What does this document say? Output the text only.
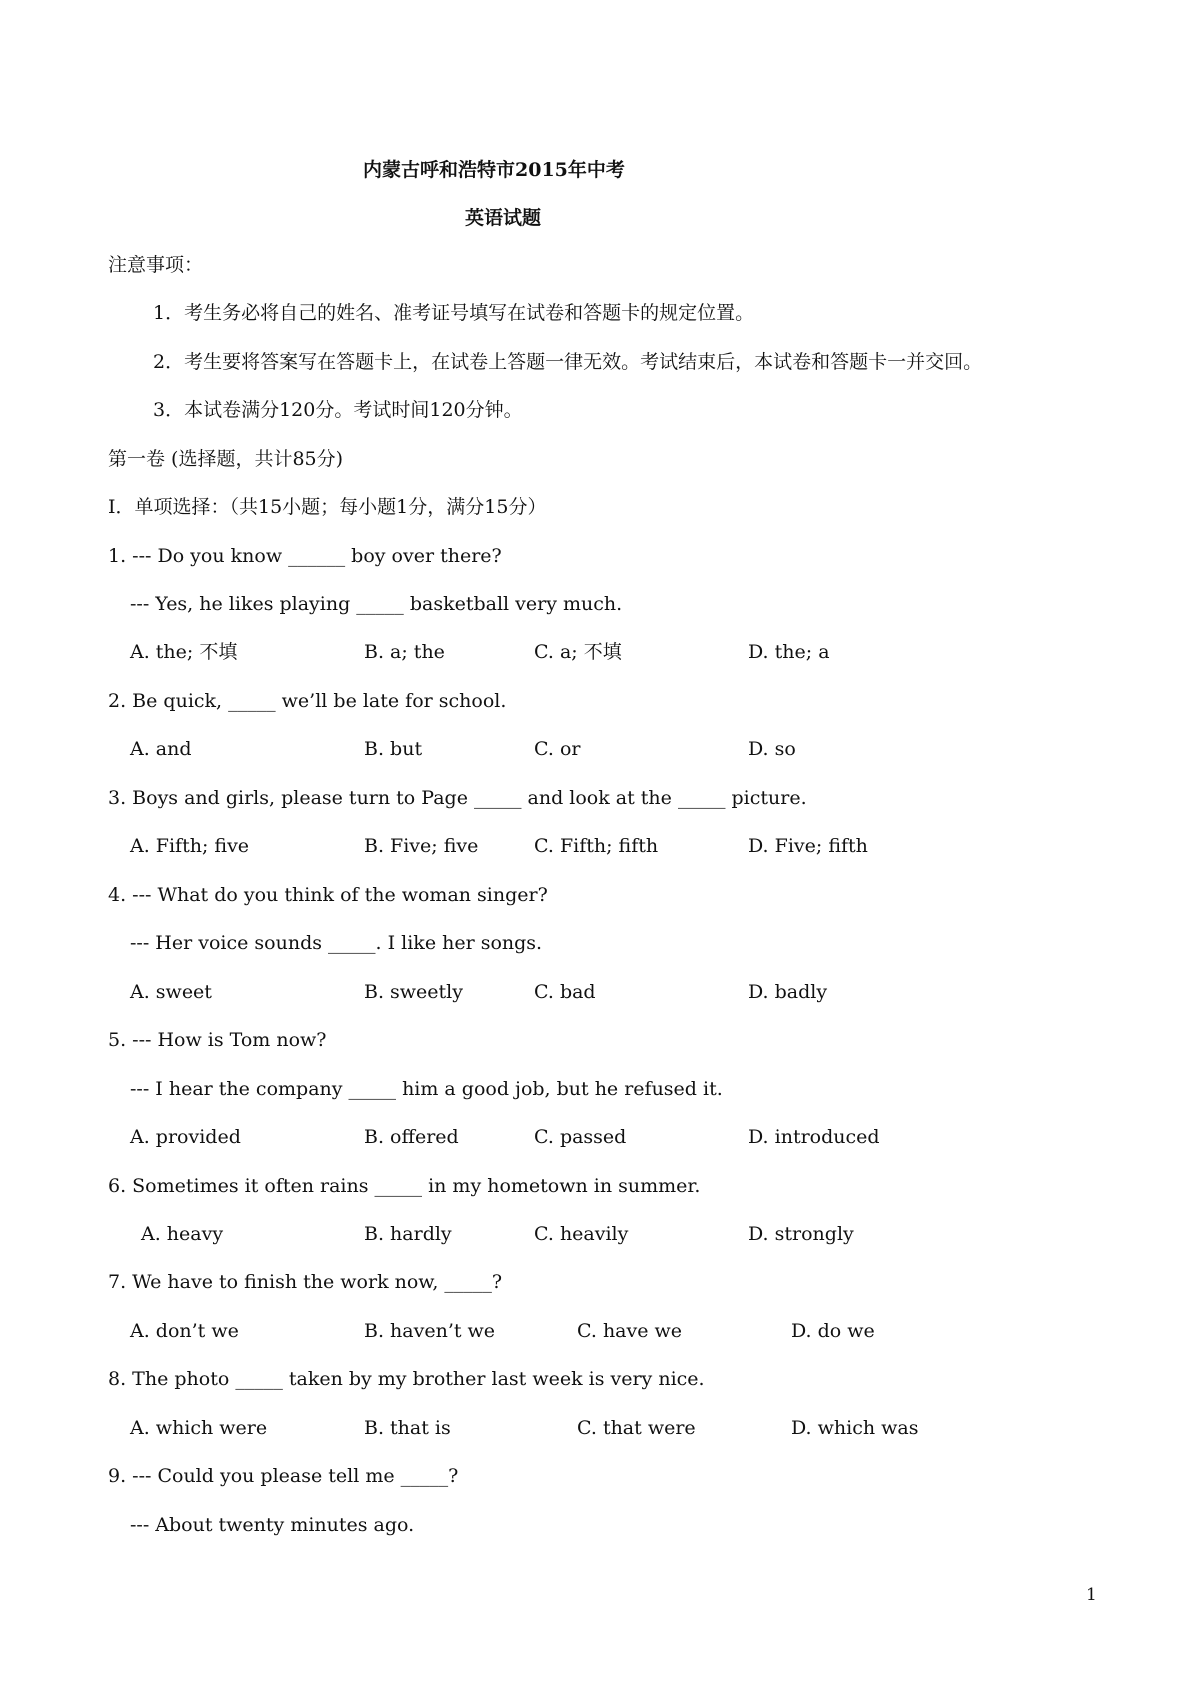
内蒙古呼和浩特市2015年中考
英语试题
注意事项：
1．考生务必将自己的姓名、准考证号填写在试卷和答题卡的规定位置。
2．考生要将答案写在答题卡上，在试卷上答题一律无效。考试结束后，本试卷和答题卡一并交回。
3．本试卷满分120分。考试时间120分钟。
第一卷 (选择题，共计85分)
I．单项选择：（共15小题；每小题1分，满分15分）
1. --- Do you know ______ boy over there?
--- Yes, he likes playing _____ basketball very much.
A. the; 不填	B. a; the	C. a; 不填	D. the; a
2. Be quick, _____ we’ll be late for school.
A. and	B. but	C. or	D. so
3. Boys and girls, please turn to Page _____ and look at the _____ picture.
A. Fifth; five	B. Five; five	C. Fifth; fifth	D. Five; fifth
4. --- What do you think of the woman singer?
--- Her voice sounds _____. I like her songs.
A. sweet	B. sweetly	C. bad	D. badly
5. --- How is Tom now?
--- I hear the company _____ him a good job, but he refused it.
A. provided	B. offered	C. passed	D. introduced
6. Sometimes it often rains _____ in my hometown in summer.
A. heavy	B. hardly	C. heavily	D. strongly
7. We have to finish the work now, _____?
A. don’t we	B. haven’t we	C. have we	D. do we
8. The photo _____ taken by my brother last week is very nice.
A. which were	B. that is	C. that were	D. which was
9. --- Could you please tell me _____?
--- About twenty minutes ago.
1
